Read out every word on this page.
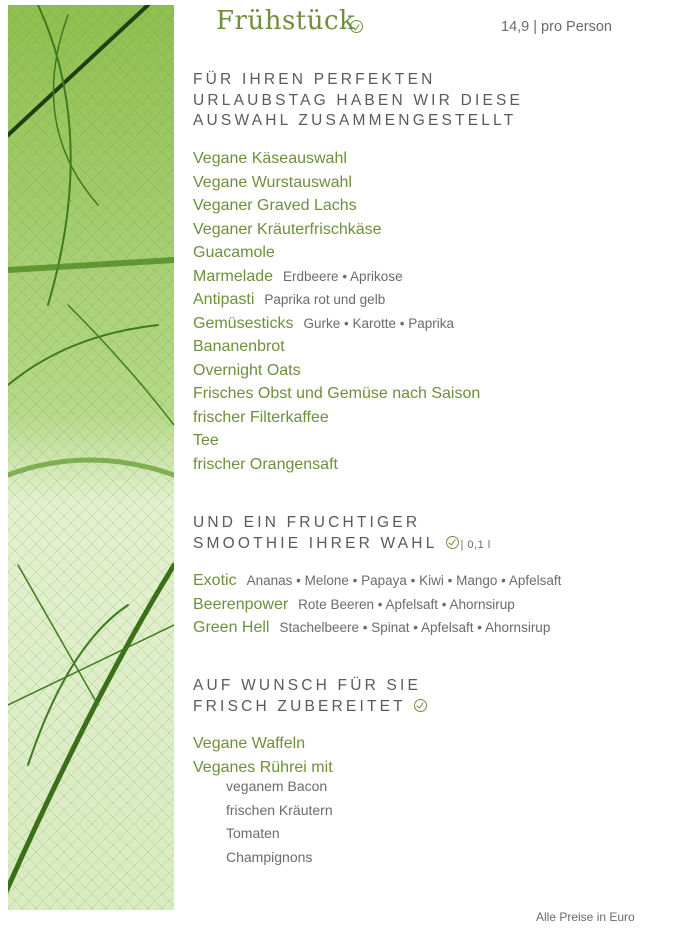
Frühstück	14,9 | pro Person
FÜR IHREN PERFEKTEN
URLAUBSTAG HABEN WIR DIESE
AUSWAHL ZUSAMMENGESTELLT
Vegane Käseauswahl
Vegane Wurstauswahl
Veganer Graved Lachs
Veganer Kräuterfrischkäse
Guacamole
Marmelade Erdbeere • Aprikose
Antipasti Paprika rot und gelb
Gemüsesticks Gurke • Karotte • Paprika
Bananenbrot
Overnight Oats
Frisches Obst und Gemüse nach Saison
frischer Filterkaffee
Tee
frischer Orangensaft
UND EIN FRUCHTIGER
SMOOTHIE IHRER WAHL | 0,1 l
Exotic Ananas • Melone • Papaya • Kiwi • Mango • Apfelsaft
Beerenpower Rote Beeren • Apfelsaft • Ahornsirup
Green Hell Stachelbeere • Spinat • Apfelsaft • Ahornsirup
AUF WUNSCH FÜR SIE
FRISCH ZUBEREITET
Vegane Waffeln
Veganes Rührei mit
veganem Bacon
frischen Kräutern
Tomaten
Champignons
Alle Preise in Euro
